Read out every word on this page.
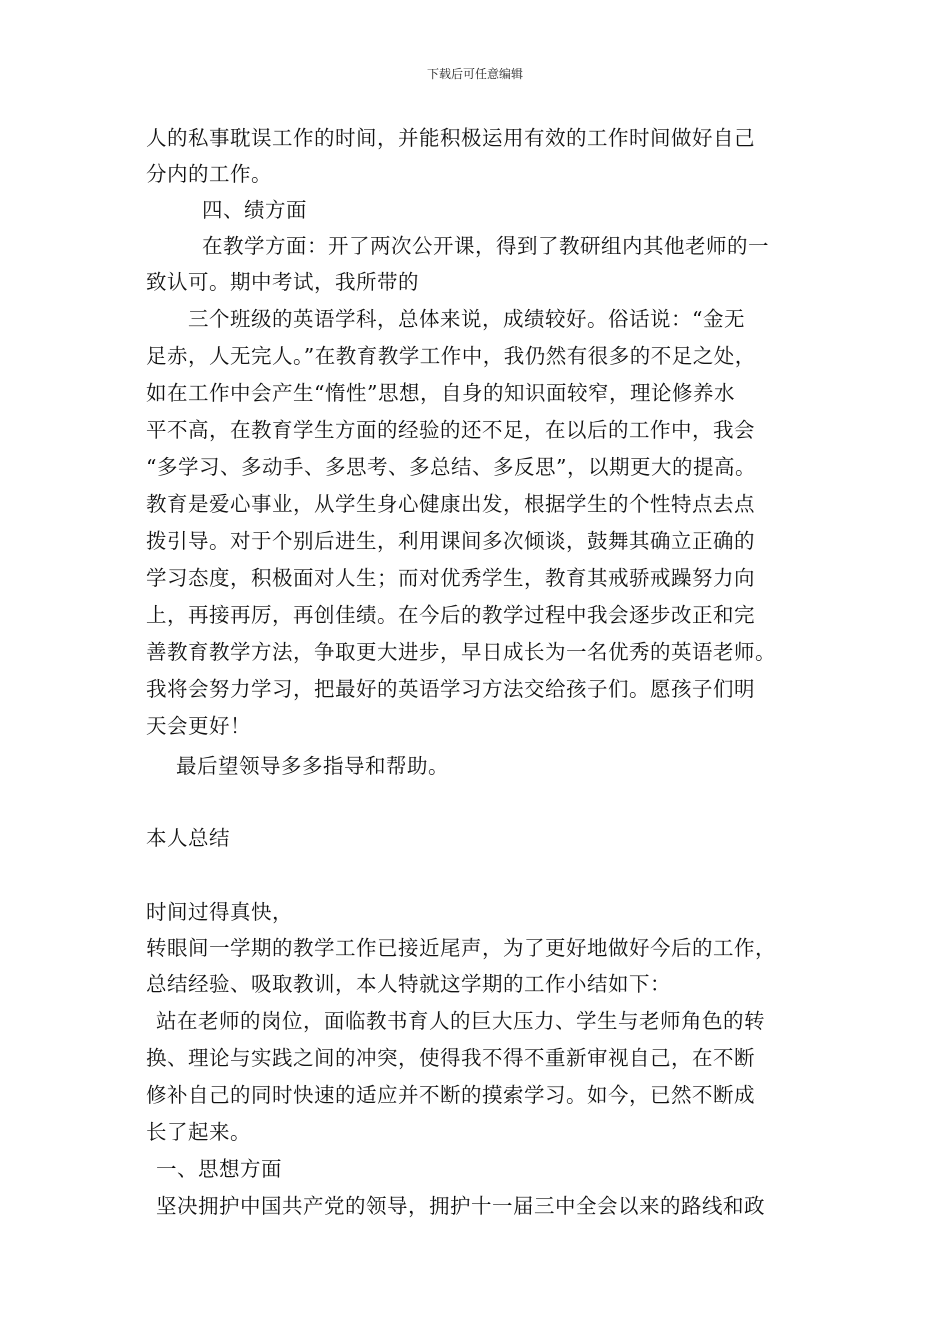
下载后可任意编辑
人的私事耽误工作的时间，并能积极运用有效的工作时间做好自己
分内的工作。
四、绩方面
在教学方面：开了两次公开课，得到了教研组内其他老师的一
致认可。期中考试，我所带的
三个班级的英语学科，总体来说，成绩较好。俗话说：“金无
足赤，人无完人。”在教育教学工作中，我仍然有很多的不足之处，
如在工作中会产生“惰性”思想，自身的知识面较窄，理论修养水
平不高，在教育学生方面的经验的还不足，在以后的工作中，我会
“多学习、多动手、多思考、多总结、多反思”，以期更大的提高。
教育是爱心事业，从学生身心健康出发，根据学生的个性特点去点
拨引导。对于个别后进生，利用课间多次倾谈，鼓舞其确立正确的
学习态度，积极面对人生；而对优秀学生，教育其戒骄戒躁努力向
上，再接再厉，再创佳绩。在今后的教学过程中我会逐步改正和完
善教育教学方法，争取更大进步，早日成长为一名优秀的英语老师。
我将会努力学习，把最好的英语学习方法交给孩子们。愿孩子们明
天会更好！
最后望领导多多指导和帮助。
本人总结
时间过得真快，
转眼间一学期的教学工作已接近尾声，为了更好地做好今后的工作，
总结经验、吸取教训，本人特就这学期的工作小结如下：
站在老师的岗位，面临教书育人的巨大压力、学生与老师角色的转
换、理论与实践之间的冲突，使得我不得不重新审视自己，在不断
修补自己的同时快速的适应并不断的摸索学习。如今，已然不断成
长了起来。
一、思想方面
坚决拥护中国共产党的领导，拥护十一届三中全会以来的路线和政
